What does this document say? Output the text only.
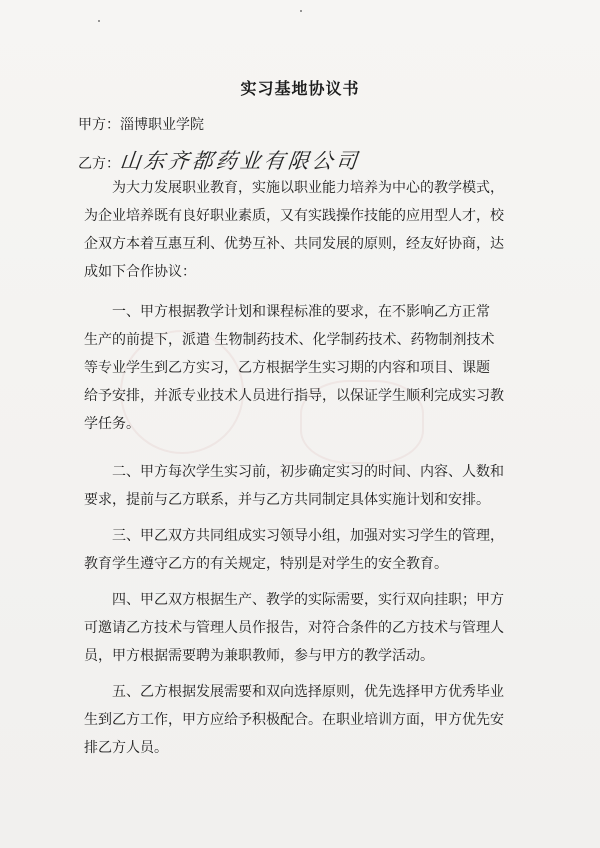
实习基地协议书
甲方：淄博职业学院
乙方：山东齐都药业有限公司
　　为大力发展职业教育，实施以职业能力培养为中心的教学模式，
为企业培养既有良好职业素质，又有实践操作技能的应用型人才，校
企双方本着互惠互利、优势互补、共同发展的原则，经友好协商，达
成如下合作协议：
　　一、甲方根据教学计划和课程标准的要求，在不影响乙方正常
生产的前提下，派遣 生物制药技术、化学制药技术、药物制剂技术
等专业学生到乙方实习，乙方根据学生实习期的内容和项目、课题
给予安排，并派专业技术人员进行指导，以保证学生顺利完成实习教
学任务。
　　二、甲方每次学生实习前，初步确定实习的时间、内容、人数和
要求，提前与乙方联系，并与乙方共同制定具体实施计划和安排。
　　三、甲乙双方共同组成实习领导小组，加强对实习学生的管理，
教育学生遵守乙方的有关规定，特别是对学生的安全教育。
　　四、甲乙双方根据生产、教学的实际需要，实行双向挂职；甲方
可邀请乙方技术与管理人员作报告，对符合条件的乙方技术与管理人
员，甲方根据需要聘为兼职教师，参与甲方的教学活动。
　　五、乙方根据发展需要和双向选择原则，优先选择甲方优秀毕业
生到乙方工作，甲方应给予积极配合。在职业培训方面，甲方优先安
排乙方人员。
